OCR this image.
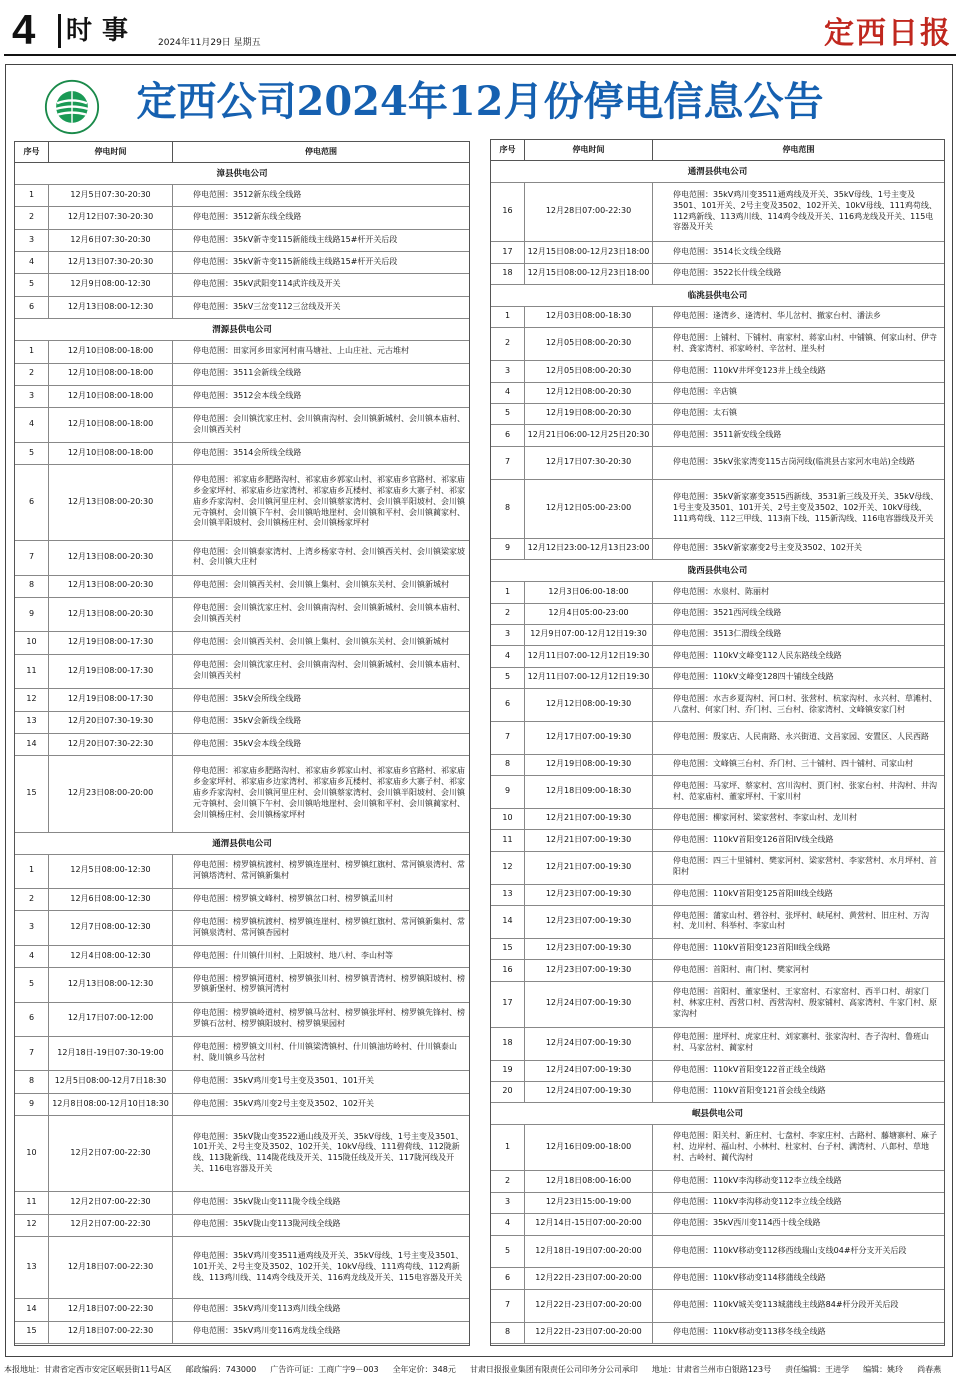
4 时事 2024年11月29日 星期五	定西日报
定西公司2024年12月份停电信息公告
序号	停电时间	停电范围
漳县供电公司
1	12月5日07:30-20:30	停电范围：3512新东线全线路
2	12月12日07:30-20:30	停电范围：3512新东线全线路
3	12月6日07:30-20:30	停电范围：35kV新寺变115新能线主线路15#杆开关后段
4	12月13日07:30-20:30	停电范围：35kV新寺变115新能线主线路15#杆开关后段
5	12月9日08:00-12:30	停电范围：35kV武阳变114武许线及开关
6	12月13日08:00-12:30	停电范围：35kV三岔变112三岔线及开关
渭源县供电公司
1	12月10日08:00-18:00	停电范围：田家河乡田家河村南马塘社、上山庄社、元古堆村
2	12月10日08:00-18:00	停电范围：3511会新线全线路
3	12月10日08:00-18:00	停电范围：3512会本线全线路
4	12月10日08:00-18:00
停电范围：会川镇沈家庄村、会川镇南沟村、会川镇新城村、会川镇本庙村、会川镇西关村
5	12月10日08:00-18:00	停电范围：3514会所线全线路
6	12月13日08:00-20:30
停电范围：祁家庙乡肥路沟村、祁家庙乡郭家山村、祁家庙乡官路村、祁家庙乡金家坪村、祁家庙乡边家湾村、祁家庙乡瓦楼村、祁家庙乡大寨子村、祁家庙乡乔家沟村、会川镇河里庄村、会川镇蔡家湾村、会川镇半阳坡村、会川镇元寺镇村、会川镇下午村、会川镇哈地崖村、会川镇和平村、会川镇蔺家村、会川镇半阳坡村、会川镇杨庄村、会川镇杨家坪村
7	12月13日08:00-20:30
停电范围：会川镇泰家湾村、上湾乡杨家寺村、会川镇西关村、会川镇梁家坡村、会川镇大庄村
8	12月13日08:00-20:30	停电范围：会川镇西关村、会川镇上集村、会川镇东关村、会川镇新城村
9	12月13日08:00-20:30
停电范围：会川镇沈家庄村、会川镇南沟村、会川镇新城村、会川镇本庙村、会川镇西关村
10	12月19日08:00-17:30	停电范围：会川镇西关村、会川镇上集村、会川镇东关村、会川镇新城村
11	12月19日08:00-17:30
停电范围：会川镇沈家庄村、会川镇南沟村、会川镇新城村、会川镇本庙村、会川镇西关村
12	12月19日08:00-17:30	停电范围：35kV会所线全线路
13	12月20日07:30-19:30	停电范围：35kV会新线全线路
14	12月20日07:30-22:30	停电范围：35kV会本线全线路
15	12月23日08:00-20:00
停电范围：祁家庙乡肥路沟村、祁家庙乡郭家山村、祁家庙乡官路村、祁家庙乡金家坪村、祁家庙乡边家湾村、祁家庙乡瓦楼村、祁家庙乡大寨子村、祁家庙乡乔家沟村、会川镇河里庄村、会川镇蔡家湾村、会川镇半阳坡村、会川镇元寺镇村、会川镇下午村、会川镇哈地崖村、会川镇和平村、会川镇蔺家村、会川镇杨庄村、会川镇杨家坪村
通渭县供电公司
1	12月5日08:00-12:30
停电范围：榜罗镇杭渡村、榜罗镇连崖村、榜罗镇红旗村、常河镇泉湾村、常河镇塔湾村、常河镇新集村
2	12月6日08:00-12:30	停电范围：榜罗镇文峰村、榜罗镇岔口村、榜罗镇孟川村
3	12月7日08:00-12:30
停电范围：榜罗镇杭渡村、榜罗镇连崖村、榜罗镇红旗村、常河镇新集村、常河镇泉湾村、常河镇杏园村
4	12月4日08:00-12:30	停电范围：什川镇什川村、上阳坡村、地八村、李山村等
5	12月13日08:00-12:30
停电范围：榜罗镇河道村、榜罗镇张川村、榜罗镇青湾村、榜罗镇阳坡村、榜罗镇新堡村、榜罗镇河湾村
6	12月17日07:00-12:00
停电范围：榜罗镇岭道村、榜罗镇马岔村、榜罗镇张坪村、榜罗镇先锋村、榜罗镇石岔村、榜罗镇阳坡村、榜罗镇果园村
7	12月18日-19日07:30-19:00
停电范围：榜罗镇文川村、什川镇梁湾镇村、什川镇油坊岭村、什川镇泰山村、陇川镇乡马岔村
8	12月5日08:00-12月7日18:30	停电范围：35kV鸡川变1号主变及3501、101开关
9	12月8日08:00-12月10日18:30	停电范围：35kV鸡川变2号主变及3502、102开关
10	12月2日07:00-22:30
停电范围：35kV陇山变3522通山线及开关、35kV母线、1号主变及3501、101开关、2号主变及3502、102开关、10kV母线、111碧荷线、112陇新线、113陇新线、114陇花线及开关、115陇任线及开关、117陇河线及开关、116电容器及开关
11	12月2日07:00-22:30	停电范围：35kV陇山变111陇令线全线路
12	12月2日07:00-22:30	停电范围：35kV陇山变113陇河线全线路
13	12月18日07:00-22:30
停电范围：35kV鸡川变3511通鸡线及开关、35kV母线、1号主变及3501、101开关、2号主变及3502、102开关、10kV母线、111鸡苟线、112鸡新线、113鸡川线、114鸡令线及开关、116鸡龙线及开关、115电容器及开关
14	12月18日07:00-22:30	停电范围：35kV鸡川变113鸡川线全线路
15	12月18日07:00-22:30	停电范围：35kV鸡川变116鸡龙线全线路
序号	停电时间	停电范围
通渭县供电公司
16	12月28日07:00-22:30
停电范围：35kV鸡川变3511通鸡线及开关、35kV母线、1号主变及3501、101开关、2号主变及3502、102开关、10kV母线、111鸡苟线、112鸡新线、113鸡川线、114鸡令线及开关、116鸡龙线及开关、115电容器及开关
17	12月15日08:00-12月23日18:00	停电范围：3514长文线全线路
18	12月15日08:00-12月23日18:00	停电范围：3522长什线全线路
临洮县供电公司
1	12月03日08:00-18:30	停电范围：逢湾乡、逢湾村、华儿岔村、撤家台村、潘法乡
2	12月05日08:00-20:30
停电范围：上铺村、下铺村、南家村、蒋家山村、中铺镇、何家山村、伊寺村、龚家湾村、祁家岭村、辛岔村、崖头村
3	12月05日08:00-20:30	停电范围：110kV井坪变123井上线全线路
4	12月12日08:00-20:30	停电范围：辛店镇
5	12月19日08:00-20:30	停电范围：太石镇
6	12月21日06:00-12月25日20:30	停电范围：3511新安线全线路
7	12月17日07:30-20:30	停电范围：35kV张家湾变115古岗河线(临洮县古家河水电站)全线路
8	12月12日05:00-23:00
停电范围：35kV新家寨变3515西新线、3531新三线及开关、35kV母线、1号主变及3501、101开关、2号主变及3502、102开关、10kV母线、111鸡苟线、112三甲线、113南下线、115新沟线、116电容器线及开关
9	12月12日23:00-12月13日23:00	停电范围：35kV新家寨变2号主变及3502、102开关
陇西县供电公司
1	12月3日06:00-18:00	停电范围：水泉村、陈丽村
2	12月4日05:00-23:00	停电范围：3521西河线全线路
3	12月9日07:00-12月12日19:30	停电范围：3513仁渭线全线路
4	12月11日07:00-12月12日19:30	停电范围：110kV文峰变112人民东路线全线路
5	12月11日07:00-12月12日19:30	停电范围：110kV文峰变128四十铺线全线路
6	12月12日08:00-19:30
停电范围：水吉乡夏沟村、河口村、张营村、杭家沟村、永兴村、草滩村、八盘村、何家门村、乔门村、三台村、徐家湾村、文峰镇安家门村
7	12月17日07:00-19:30	停电范围：殷家店、人民南路、永兴街道、文昌家园、安置区、人民西路
8	12月19日08:00-19:30	停电范围：文峰镇三台村、乔门村、三十铺村、四十铺村、司家山村
9	12月18日09:00-18:30
停电范围：马家坪、蔡家村、宫川沟村、贾门村、张家台村、井沟村、井沟村、范家庙村、董家坪村、干家川村
10	12月21日07:00-19:30	停电范围：柳家河村、梁家营村、李家山村、龙川村
11	12月21日07:00-19:30	停电范围：110kV首阳变126首阳IV线全线路
12	12月21日07:00-19:30
停电范围：四三十里铺村、樊家河村、梁家营村、李家营村、水月坪村、首阳村
13	12月23日07:00-19:30	停电范围：110kV首阳变125首阳III线全线路
14	12月23日07:00-19:30
停电范围：蒲家山村、碧谷村、张坪村、峡尾村、黄营村、旧庄村、万沟村、龙川村、科举村、李家山村
15	12月23日07:00-19:30	停电范围：110kV首阳变123首阳II线全线路
16	12月23日07:00-19:30	停电范围：首阳村、南门村、樊家河村
17	12月24日07:00-19:30
停电范围：首阳村、董家堡村、王家窑村、石家窑村、西半口村、胡家门村、林家庄村、西营口村、西营沟村、殷家铺村、高家湾村、牛家门村、原家沟村
18	12月24日07:00-19:30
停电范围：崖坪村、虎家庄村、刘家寨村、张家沟村、杏子沟村、鲁班山村、马家岔村、蔺家村
19	12月24日07:00-19:30	停电范围：110kV首阳变122首正线全线路
20	12月24日07:00-19:30	停电范围：110kV首阳变121首会线全线路
岷县供电公司
1	12月16日09:00-18:00
停电范围：阳关村、新庄村、七盘村、李家庄村、古路村、藤塘寨村、麻子村、边岸村、福山村、小林村、杜家村、台子村、满湾村、八郎村、草地村、古岭村、蔺代沟村
2	12月18日08:00-16:00	停电范围：110kV李沟移动变112李立线全线路
3	12月23日15:00-19:00	停电范围：110kV李沟移动变112李立线全线路
4	12月14日-15日07:00-20:00	停电范围：35kV西川变114西十线全线路
5	12月18日-19日07:00-20:00	停电范围：110kV移动变112移西线瑞山支线04#杆分支开关后段
6	12月22日-23日07:00-20:00	停电范围：110kV移动变114移蒲线全线路
7	12月22日-23日07:00-20:00	停电范围：110kV城关变113城蒲线主线路84#杆分段开关后段
8	12月22日-23日07:00-20:00	停电范围：110kV移动变113移冬线全线路
本报地址：甘肃省定西市安定区岷县街11号A区 邮政编码：743000 广告许可证：工商广字9－003 全年定价：348元 甘肃日报报业集团有限责任公司印务分公司承印 地址：甘肃省兰州市白银路123号 责任编辑：王进学 编辑：姚玲 尚春燕
